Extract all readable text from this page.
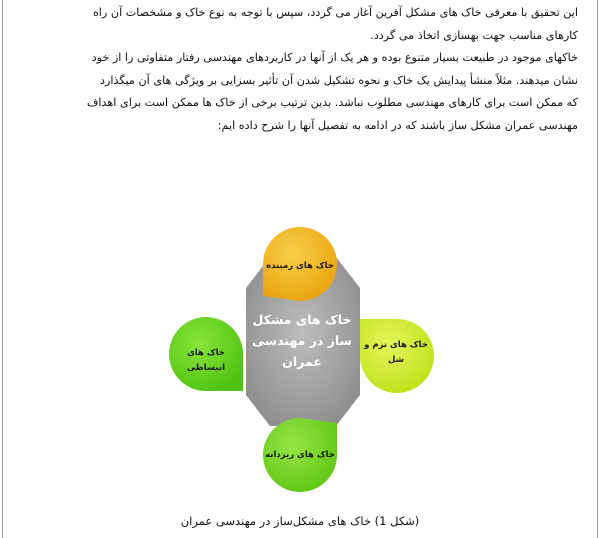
این تحقیق با معرفی خاک های مشکل آفرین آغاز می گردد، سپس با توجه به نوع خاک و مشخصات آن راه
کارهای مناسب جهت بهسازی اتخاذ می گردد.

خاکهای موجود در طبیعت بسیار متنوع بوده و هر یک از آنها در کاربردهای مهندسی رفتار متفاوتی را از خود
نشان میدهند. مثلاً منشأ پیدایش یک خاک و نحوه تشکیل شدن آن تأثیر بسزایی بر ویژگی های آن میگذارد
که ممکن است برای کارهای مهندسی مطلوب نباشد. بدین ترتیب برخی از خاک ها ممکن است برای اهداف
مهندسی عمران مشکل ساز باشند که در ادامه به تفصیل آنها را شرح داده ایم:

خاک های مشکل
ساز در مهندسی
عمران
خاک های رمبنده
خاک های نرم و
شل
خاک های ریزدانه
خاک های
انبساطی
(شکل 1) خاک های مشکل‌ساز در مهندسی عمران
